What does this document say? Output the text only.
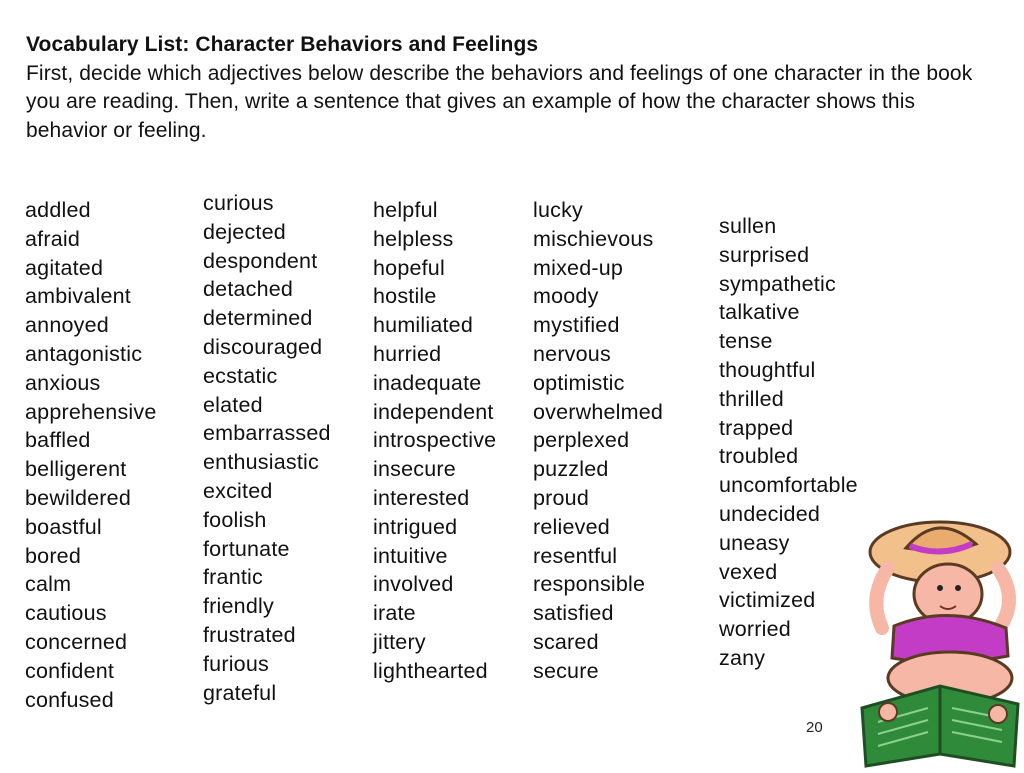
Vocabulary List: Character Behaviors and Feelings
First, decide which adjectives below describe the behaviors and feelings of one character in the book you are reading. Then, write a sentence that gives an example of how the character shows this behavior or feeling.
addled
afraid
agitated
ambivalent
annoyed
antagonistic
anxious
apprehensive
baffled
belligerent
bewildered
boastful
bored
calm
cautious
concerned
confident
confused
curious
dejected
despondent
detached
determined
discouraged
ecstatic
elated
embarrassed
enthusiastic
excited
foolish
fortunate
frantic
friendly
frustrated
furious
grateful
helpful
helpless
hopeful
hostile
humiliated
hurried
inadequate
independent
introspective
insecure
interested
intrigued
intuitive
involved
irate
jittery
lighthearted
lucky
mischievous
mixed-up
moody
mystified
nervous
optimistic
overwhelmed
perplexed
puzzled
proud
relieved
resentful
responsible
satisfied
scared
secure
sullen
surprised
sympathetic
talkative
tense
thoughtful
thrilled
trapped
troubled
uncomfortable
undecided
uneasy
vexed
victimized
worried
zany
20
